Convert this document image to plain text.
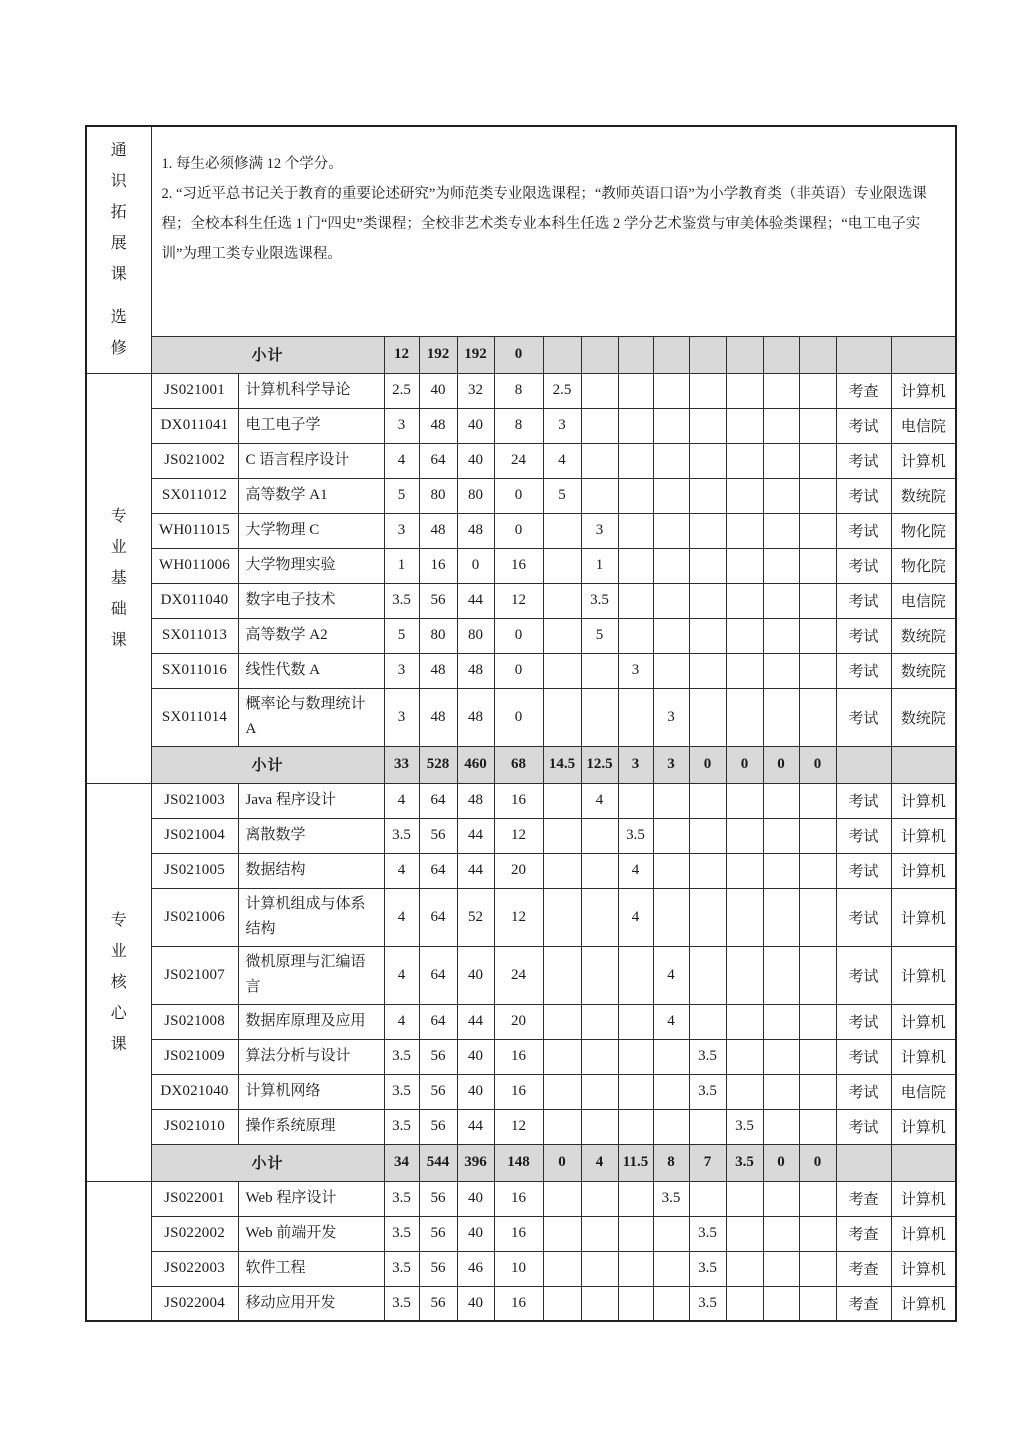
通
识
拓
展
课
选
修

1. 每生必须修满 12 个学分。
2. “习近平总书记关于教育的重要论述研究”为师范类专业限选课程；“教师英语口语”为小学教育类（非英语）专业限选课程；全校本科生任选 1 门“四史”类课程；全校非艺术类专业本科生任选 2 学分艺术鉴赏与审美体验类课程；“电工电子实训”为理工类专业限选课程。

	小计		12	192	192	0										

专
业
基
础
课	JS021001	计算机科学导论	2.5	40	32	8	2.5								考查	计算机
	DX011041	电工电子学	3	48	40	8	3								考试	电信院
	JS021002	C 语言程序设计	4	64	40	24	4								考试	计算机
	SX011012	高等数学 A1	5	80	80	0	5								考试	数统院
	WH011015	大学物理 C	3	48	48	0		3							考试	物化院
	WH011006	大学物理实验	1	16	0	16		1							考试	物化院
	DX011040	数字电子技术	3.5	56	44	12		3.5							考试	电信院
	SX011013	高等数学 A2	5	80	80	0		5							考试	数统院
	SX011016	线性代数 A	3	48	48	0			3						考试	数统院
	SX011014	概率论与数理统计 A	3	48	48	0				3					考试	数统院
	小计		33	528	460	68	14.5	12.5	3	3	0	0	0	0		

专
业
核
心
课	JS021003	Java 程序设计	4	64	48	16		4							考试	计算机
	JS021004	离散数学	3.5	56	44	12			3.5						考试	计算机
	JS021005	数据结构	4	64	44	20			4						考试	计算机
	JS021006	计算机组成与体系结构	4	64	52	12			4						考试	计算机
	JS021007	微机原理与汇编语言	4	64	40	24				4					考试	计算机
	JS021008	数据库原理及应用	4	64	44	20				4					考试	计算机
	JS021009	算法分析与设计	3.5	56	40	16					3.5				考试	计算机
	DX021040	计算机网络	3.5	56	40	16					3.5				考试	电信院
	JS021010	操作系统原理	3.5	56	44	12						3.5			考试	计算机
	小计		34	544	396	148	0	4	11.5	8	7	3.5	0	0		
	JS022001	Web 程序设计	3.5	56	40	16				3.5					考查	计算机
	JS022002	Web 前端开发	3.5	56	40	16					3.5				考查	计算机
	JS022003	软件工程	3.5	56	46	10					3.5				考查	计算机
	JS022004	移动应用开发	3.5	56	40	16					3.5				考查	计算机
